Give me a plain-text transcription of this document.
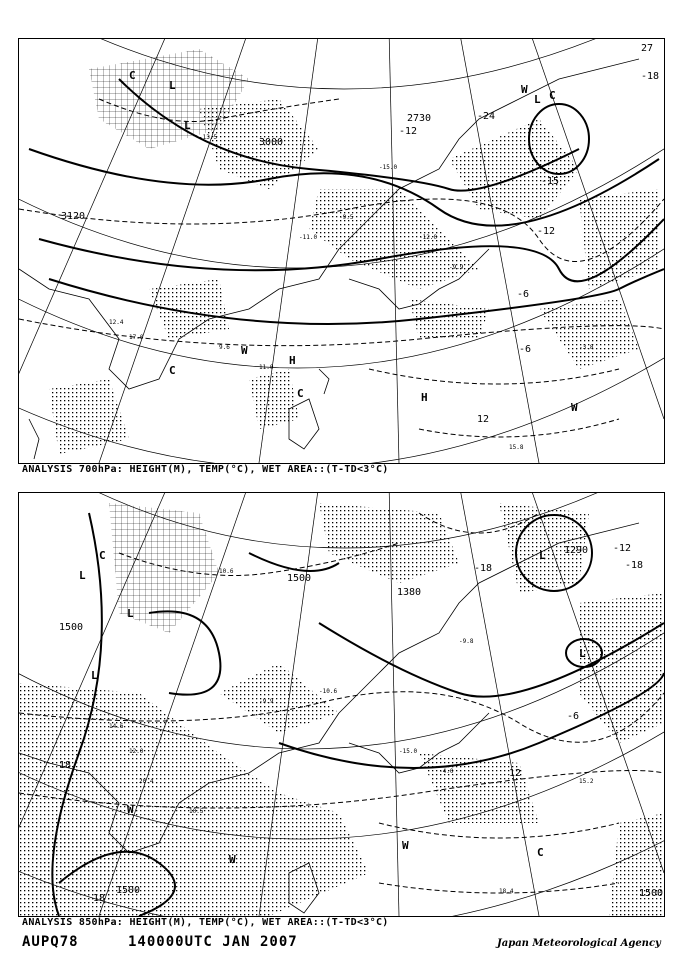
12.4
17.0
9.6
11.0
-11.0
-9.5
-12.0
-9.9
-13.5
-15.0
-3.8
15.8
3000
3120
2730
27
-12
-24
-15
-12
-6
-6
12
-18
L
L
L
H
H
W
W
W
C
C
C
C
ANALYSIS 700hPa: HEIGHT(M), TEMP(°C), WET AREA::(T-TD<3°C)
14.6
12.0
-9.9
-10.6
-15.0
-4.0
20.4
10.5
-9.8
15.2
18.4
10.6
1500
1500
1380
1290
1500	1500
-18
-12
-6
12
18
18
-18
L
L
L
L
L
W
W
W
C
C
ANALYSIS 850hPa: HEIGHT(M), TEMP(°C), WET AREA::(T-TD<3°C)
AUPQ78	140000UTC JAN 2007	Japan Meteorological Agency
